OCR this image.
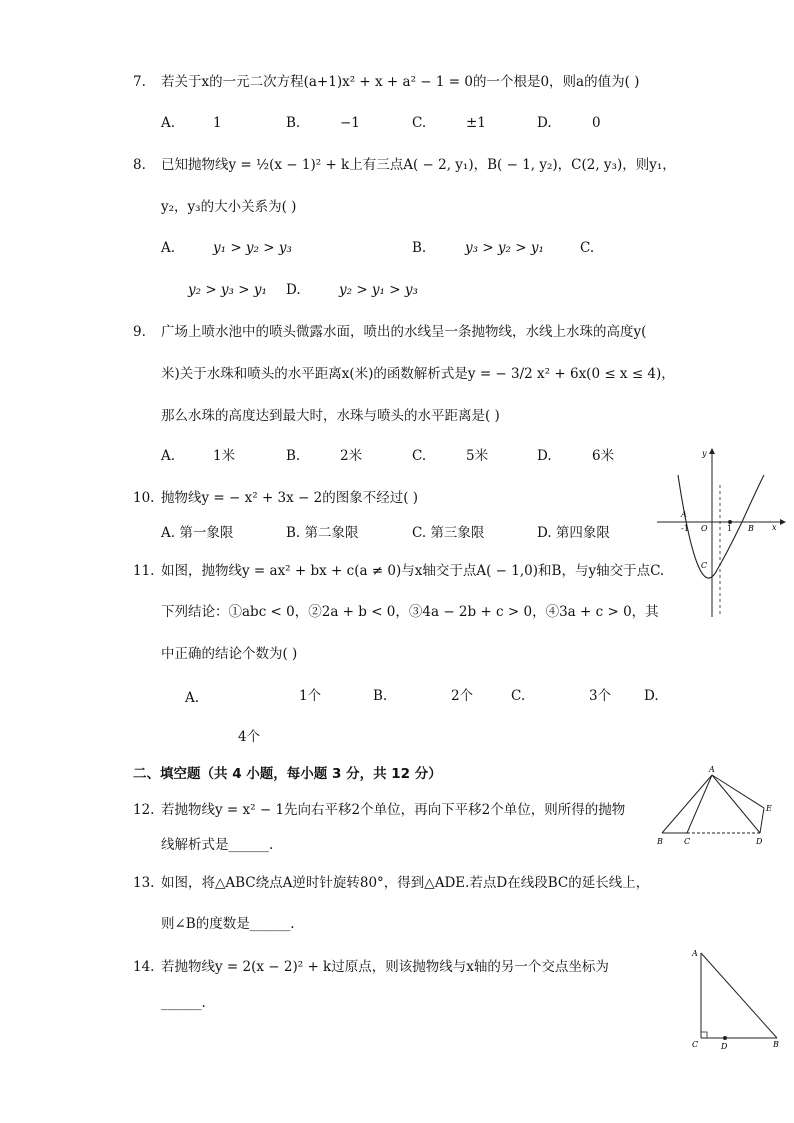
7. 若关于x的一元二次方程(a+1)x² + x + a² − 1 = 0的一个根是0，则a的值为( )
A.	1	B.	−1	C.	±1	D.	0
8. 已知抛物线y = ½(x − 1)² + k上有三点A( − 2, y₁)，B( − 1, y₂)，C(2, y₃)，则y₁，
y₂，y₃的大小关系为( )
A.	y₁ > y₂ > y₃	B.	y₃ > y₂ > y₁	C.
y₂ > y₃ > y₁ D.	y₂ > y₁ > y₃
9. 广场上喷水池中的喷头微露水面，喷出的水线呈一条抛物线，水线上水珠的高度y(
米)关于水珠和喷头的水平距离x(米)的函数解析式是y = − 3/2 x² + 6x(0 ≤ x ≤ 4)，
那么水珠的高度达到最大时，水珠与喷头的水平距离是( )
A.	1米	B.	2米	C.	5米	D.	6米
10. 抛物线y = − x² + 3x − 2的图象不经过( )
A. 第一象限	B. 第二象限	C. 第三象限	D. 第四象限
11. 如图，抛物线y = ax² + bx + c(a ≠ 0)与x轴交于点A( − 1,0)和B，与y轴交于点C.
下列结论：①abc < 0，②2a + b < 0，③4a − 2b + c > 0，④3a + c > 0，其
中正确的结论个数为( )
A.	1个	B.	2个	C.	3个 D.
4个
二、填空题（共 4 小题，每小题 3 分，共 12 分）
12. 若抛物线y = x² − 1先向右平移2个单位，再向下平移2个单位，则所得的抛物
线解析式是______.
13. 如图，将△ABC绕点A逆时针旋转80°，得到△ADE.若点D在线段BC的延长线上，
则∠B的度数是______.
14. 若抛物线y = 2(x − 2)² + k过原点，则该抛物线与x轴的另一个交点坐标为
______.
y
x
A
-1 O 1 B
C
A
B	C	D
E
A
C	D	B
